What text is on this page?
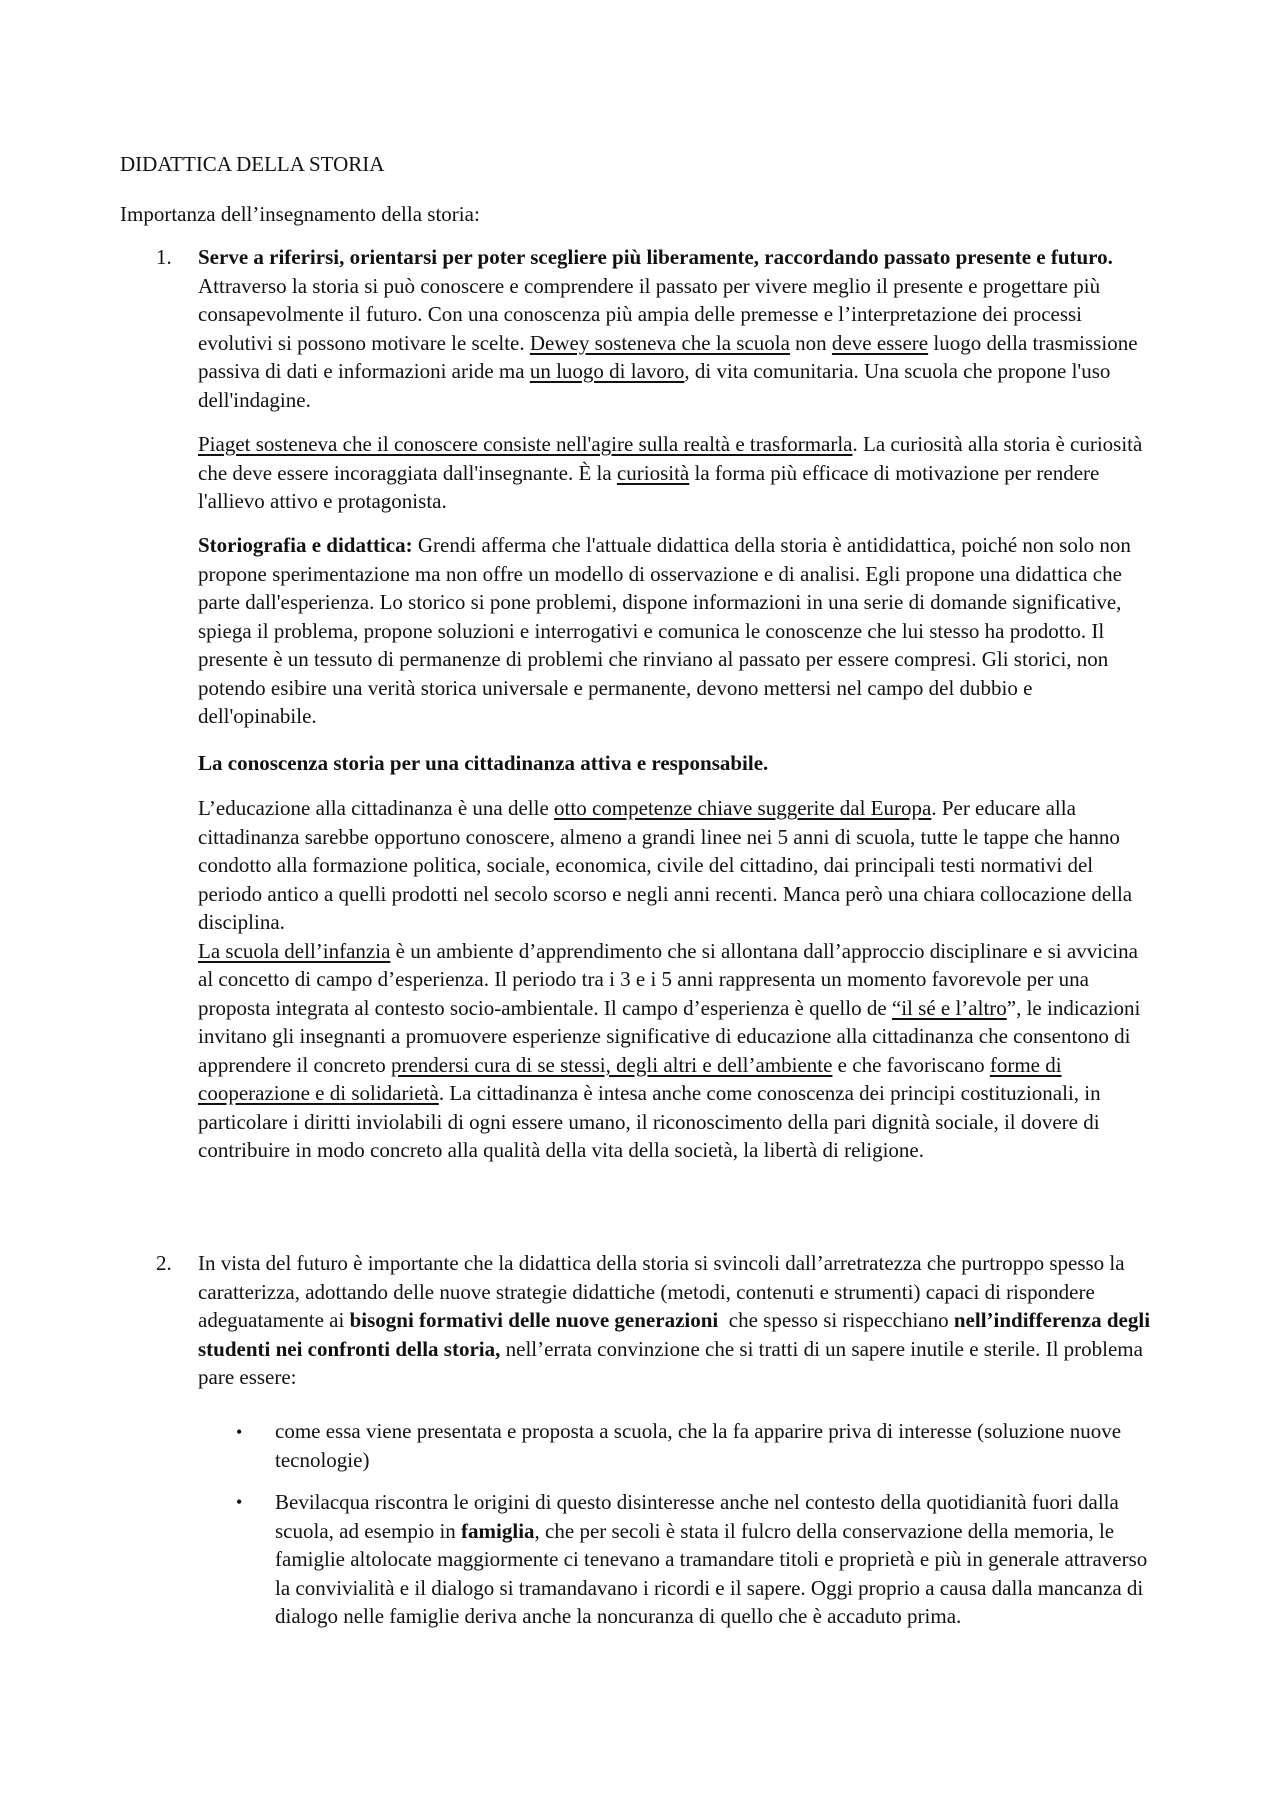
DIDATTICA DELLA STORIA

Importanza dell’insegnamento della storia:

1. Serve a riferirsi, orientarsi per poter scegliere più liberamente, raccordando passato presente e futuro. Attraverso la storia si può conoscere e comprendere il passato per vivere meglio il presente e progettare più consapevolmente il futuro. Con una conoscenza più ampia delle premesse e l’interpretazione dei processi evolutivi si possono motivare le scelte. Dewey sosteneva che la scuola non deve essere luogo della trasmissione passiva di dati e informazioni aride ma un luogo di lavoro, di vita comunitaria. Una scuola che propone l'uso dell'indagine.

Piaget sosteneva che il conoscere consiste nell'agire sulla realtà e trasformarla. La curiosità alla storia è curiosità che deve essere incoraggiata dall'insegnante. È la curiosità la forma più efficace di motivazione per rendere l'allievo attivo e protagonista.

Storiografia e didattica: Grendi afferma che l'attuale didattica della storia è antididattica, poiché non solo non propone sperimentazione ma non offre un modello di osservazione e di analisi. Egli propone una didattica che parte dall'esperienza. Lo storico si pone problemi, dispone informazioni in una serie di domande significative, spiega il problema, propone soluzioni e interrogativi e comunica le conoscenze che lui stesso ha prodotto. Il presente è un tessuto di permanenze di problemi che rinviano al passato per essere compresi. Gli storici, non potendo esibire una verità storica universale e permanente, devono mettersi nel campo del dubbio e dell'opinabile.

La conoscenza storia per una cittadinanza attiva e responsabile.

L’educazione alla cittadinanza è una delle otto competenze chiave suggerite dal Europa. Per educare alla cittadinanza sarebbe opportuno conoscere, almeno a grandi linee nei 5 anni di scuola, tutte le tappe che hanno condotto alla formazione politica, sociale, economica, civile del cittadino, dai principali testi normativi del periodo antico a quelli prodotti nel secolo scorso e negli anni recenti. Manca però una chiara collocazione della disciplina.
La scuola dell’infanzia è un ambiente d’apprendimento che si allontana dall’approccio disciplinare e si avvicina al concetto di campo d’esperienza. Il periodo tra i 3 e i 5 anni rappresenta un momento favorevole per una proposta integrata al contesto socio-ambientale. Il campo d’esperienza è quello de “il sé e l’altro”, le indicazioni invitano gli insegnanti a promuovere esperienze significative di educazione alla cittadinanza che consentono di apprendere il concreto prendersi cura di se stessi, degli altri e dell’ambiente e che favoriscano forme di cooperazione e di solidarietà. La cittadinanza è intesa anche come conoscenza dei principi costituzionali, in particolare i diritti inviolabili di ogni essere umano, il riconoscimento della pari dignità sociale, il dovere di contribuire in modo concreto alla qualità della vita della società, la libertà di religione.

2. In vista del futuro è importante che la didattica della storia si svincoli dall’arretratezza che purtroppo spesso la caratterizza, adottando delle nuove strategie didattiche (metodi, contenuti e strumenti) capaci di rispondere adeguatamente ai bisogni formativi delle nuove generazioni  che spesso si rispecchiano nell’indifferenza degli studenti nei confronti della storia, nell’errata convinzione che si tratti di un sapere inutile e sterile. Il problema pare essere:

• come essa viene presentata e proposta a scuola, che la fa apparire priva di interesse (soluzione nuove tecnologie)

• Bevilacqua riscontra le origini di questo disinteresse anche nel contesto della quotidianità fuori dalla scuola, ad esempio in famiglia, che per secoli è stata il fulcro della conservazione della memoria, le famiglie altolocate maggiormente ci tenevano a tramandare titoli e proprietà e più in generale attraverso la convivialità e il dialogo si tramandavano i ricordi e il sapere. Oggi proprio a causa dalla mancanza di dialogo nelle famiglie deriva anche la noncuranza di quello che è accaduto prima.
